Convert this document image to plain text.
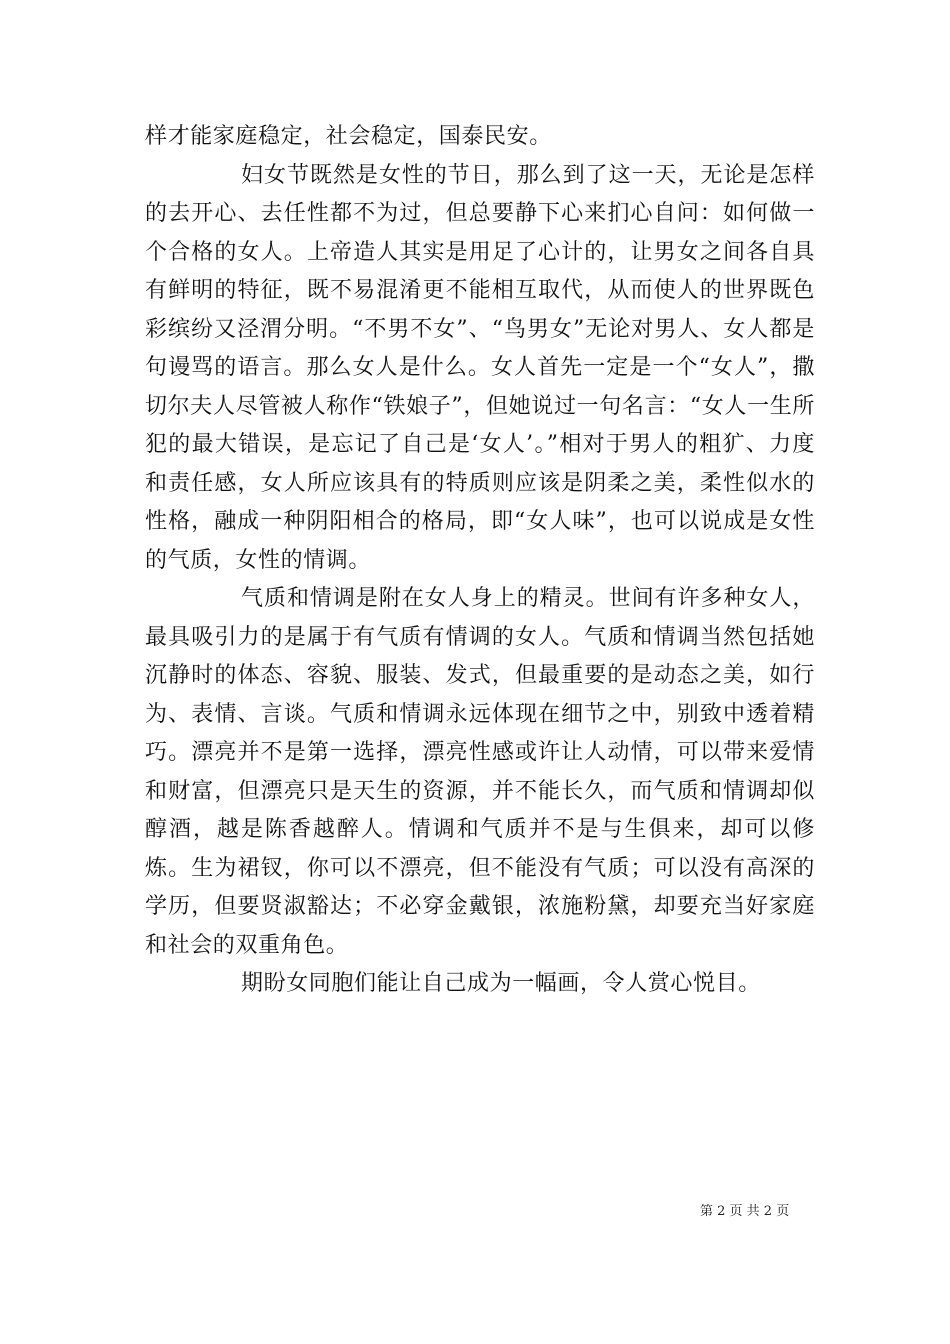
样才能家庭稳定，社会稳定，国泰民安。

妇女节既然是女性的节日，那么到了这一天，无论是怎样的去开心、去任性都不为过，但总要静下心来扪心自问：如何做一个合格的女人。上帝造人其实是用足了心计的，让男女之间各自具有鲜明的特征，既不易混淆更不能相互取代，从而使人的世界既色彩缤纷又泾渭分明。“不男不女”、“鸟男女”无论对男人、女人都是句谩骂的语言。那么女人是什么。女人首先一定是一个“女人”，撒切尔夫人尽管被人称作“铁娘子”，但她说过一句名言：“女人一生所犯的最大错误，是忘记了自己是‘女人’。”相对于男人的粗犷、力度和责任感，女人所应该具有的特质则应该是阴柔之美，柔性似水的性格，融成一种阴阳相合的格局，即“女人味”，也可以说成是女性的气质，女性的情调。

气质和情调是附在女人身上的精灵。世间有许多种女人，最具吸引力的是属于有气质有情调的女人。气质和情调当然包括她沉静时的体态、容貌、服装、发式，但最重要的是动态之美，如行为、表情、言谈。气质和情调永远体现在细节之中，别致中透着精巧。漂亮并不是第一选择，漂亮性感或许让人动情，可以带来爱情和财富，但漂亮只是天生的资源，并不能长久，而气质和情调却似醇酒，越是陈香越醉人。情调和气质并不是与生俱来，却可以修炼。生为裙钗，你可以不漂亮，但不能没有气质；可以没有高深的学历，但要贤淑豁达；不必穿金戴银，浓施粉黛，却要充当好家庭和社会的双重角色。

期盼女同胞们能让自己成为一幅画，令人赏心悦目。

第 2 页 共 2 页
